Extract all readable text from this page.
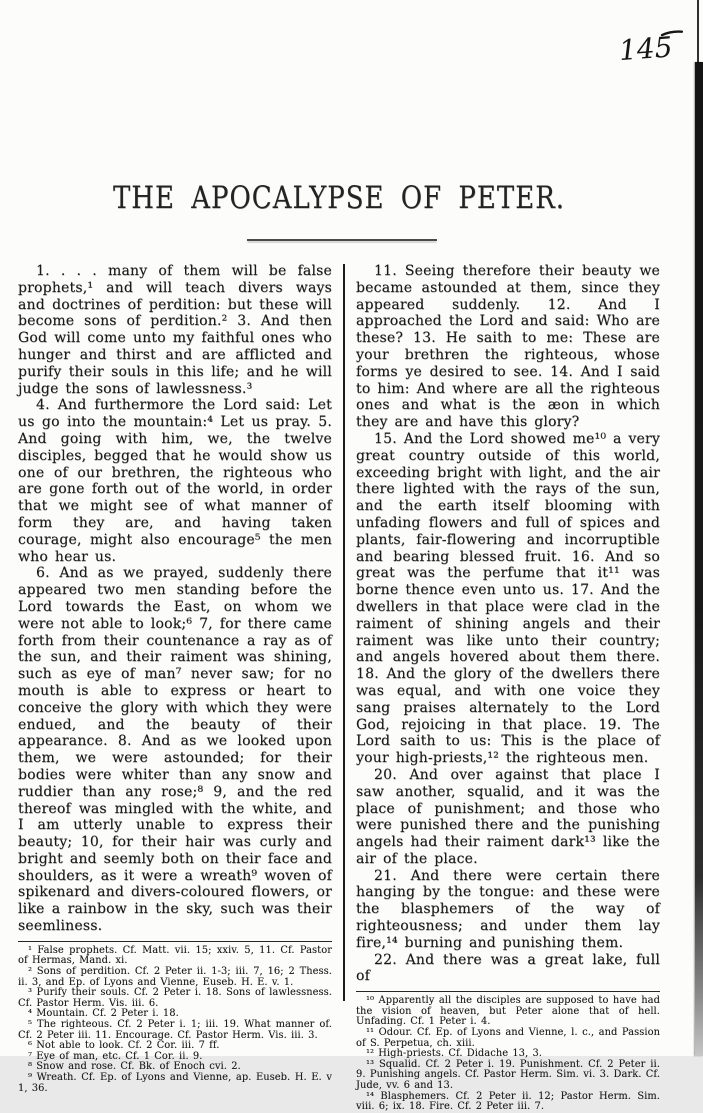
145
THE APOCALYPSE OF PETER.

1. . . . many of them will be false prophets,¹ and will teach divers ways and doctrines of perdition: but these will become sons of perdition.² 3. And then God will come unto my faithful ones who hunger and thirst and are afflicted and purify their souls in this life; and he will judge the sons of lawlessness.³

4. And furthermore the Lord said: Let us go into the mountain:⁴ Let us pray. 5. And going with him, we, the twelve disciples, begged that he would show us one of our brethren, the righteous who are gone forth out of the world, in order that we might see of what manner of form they are, and having taken courage, might also encourage⁵ the men who hear us.

6. And as we prayed, suddenly there appeared two men standing before the Lord towards the East, on whom we were not able to look;⁶ 7, for there came forth from their countenance a ray as of the sun, and their raiment was shining, such as eye of man⁷ never saw; for no mouth is able to express or heart to conceive the glory with which they were endued, and the beauty of their appearance. 8. And as we looked upon them, we were astounded; for their bodies were whiter than any snow and ruddier than any rose;⁸ 9, and the red thereof was mingled with the white, and I am utterly unable to express their beauty; 10, for their hair was curly and bright and seemly both on their face and shoulders, as it were a wreath⁹ woven of spikenard and divers-coloured flowers, or like a rainbow in the sky, such was their seemliness.

¹ False prophets. Cf. Matt. vii. 15; xxiv. 5, 11. Cf. Pastor of Hermas, Mand. xi.

² Sons of perdition. Cf. 2 Peter ii. 1-3; iii. 7, 16; 2 Thess. ii. 3, and Ep. of Lyons and Vienne, Euseb. H. E. v. 1.

³ Purify their souls. Cf. 2 Peter i. 18. Sons of lawlessness. Cf. Pastor Herm. Vis. iii. 6.

⁴ Mountain. Cf. 2 Peter i. 18.

⁵ The righteous. Cf. 2 Peter i. 1; iii. 19. What manner of. Cf. 2 Peter iii. 11. Encourage. Cf. Pastor Herm. Vis. iii. 3.

⁶ Not able to look. Cf. 2 Cor. iii. 7 ff.

⁷ Eye of man, etc. Cf. 1 Cor. ii. 9.

⁸ Snow and rose. Cf. Bk. of Enoch cvi. 2.

⁹ Wreath. Cf. Ep. of Lyons and Vienne, ap. Euseb. H. E. v 1, 36.

11. Seeing therefore their beauty we became astounded at them, since they appeared suddenly. 12. And I approached the Lord and said: Who are these? 13. He saith to me: These are your brethren the righteous, whose forms ye desired to see. 14. And I said to him: And where are all the righteous ones and what is the æon in which they are and have this glory?

15. And the Lord showed me¹⁰ a very great country outside of this world, exceeding bright with light, and the air there lighted with the rays of the sun, and the earth itself blooming with unfading flowers and full of spices and plants, fair-flowering and incorruptible and bearing blessed fruit. 16. And so great was the perfume that it¹¹ was borne thence even unto us. 17. And the dwellers in that place were clad in the raiment of shining angels and their raiment was like unto their country; and angels hovered about them there. 18. And the glory of the dwellers there was equal, and with one voice they sang praises alternately to the Lord God, rejoicing in that place. 19. The Lord saith to us: This is the place of your high-priests,¹² the righteous men.

20. And over against that place I saw another, squalid, and it was the place of punishment; and those who were punished there and the punishing angels had their raiment dark¹³ like the air of the place.

21. And there were certain there hanging by the tongue: and these were the blasphemers of the way of righteousness; and under them lay fire,¹⁴ burning and punishing them.

22. And there was a great lake, full of

¹⁰ Apparently all the disciples are supposed to have had the vision of heaven, but Peter alone that of hell. Unfading. Cf. 1 Peter i. 4.

¹¹ Odour. Cf. Ep. of Lyons and Vienne, l. c., and Passion of S. Perpetua, ch. xiii.

¹² High-priests. Cf. Didache 13, 3.

¹³ Squalid. Cf. 2 Peter i. 19. Punishment. Cf. 2 Peter ii. 9. Punishing angels. Cf. Pastor Herm. Sim. vi. 3. Dark. Cf. Jude, vv. 6 and 13.

¹⁴ Blasphemers. Cf. 2 Peter ii. 12; Pastor Herm. Sim. viii. 6; ix. 18. Fire. Cf. 2 Peter iii. 7.
